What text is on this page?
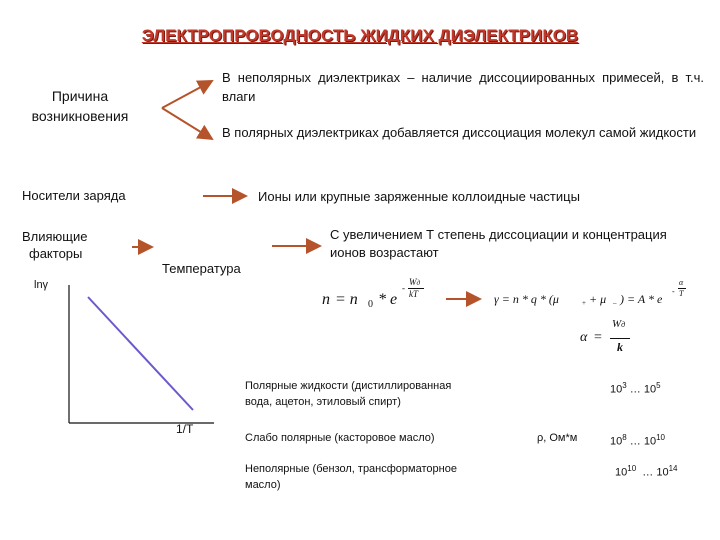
ЭЛЕКТРОПРОВОДНОСТЬ ЖИДКИХ ДИЭЛЕКТРИКОВ
Причина
возникновения
В неполярных диэлектриках – наличие диссоциированных примесей, в т.ч. влаги
В полярных диэлектриках добавляется диссоциация молекул самой жидкости
Носители заряда	Ионы или крупные заряженные коллоидные частицы
Влияющие
факторы
Температура
С увеличением Т степень диссоциации и концентрация ионов возрастают
lnγ
1/T
n = n 0 * e
-
Wд
kT	γ = n * q * (μ	+ + μ – ) = A * e
-
α
T
α =
Wд
k
Полярные жидкости (дистиллированная
вода, ацетон, этиловый спирт)
$10^3$ … $10^5$
Слабо полярные (касторовое масло)	ρ, Ом*м	$10^8$ … $10^{10}$
Неполярные (бензол, трансформаторное
масло)
$10^{10}$  … $10^{14}$
